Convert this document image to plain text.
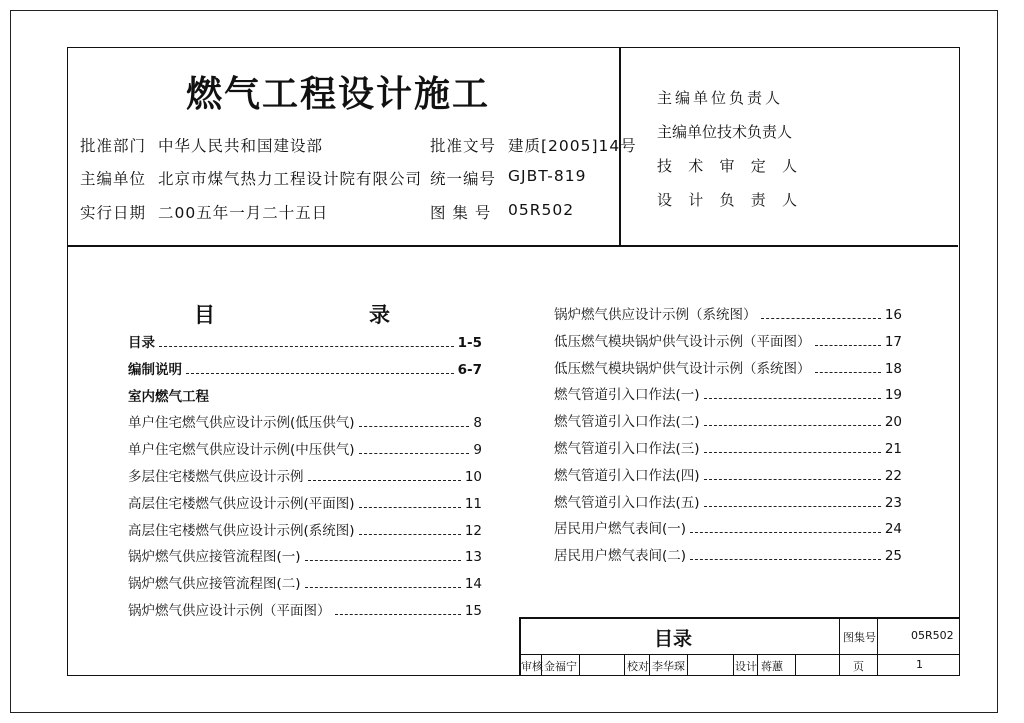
燃气工程设计施工
批准部门 中华人民共和国建设部
主编单位 北京市煤气热力工程设计院有限公司
实行日期 二00五年一月二十五日
批准文号 建质[2005]14号
统一编号 GJBT-819
图 集 号 05R502
主编单位负责人
主编单位技术负责人
技 术 审 定 人
设 计 负 责 人
目	录
目录	1-5
编制说明	6-7
室内燃气工程
单户住宅燃气供应设计示例(低压供气)	8
单户住宅燃气供应设计示例(中压供气)	9
多层住宅楼燃气供应设计示例	10
高层住宅楼燃气供应设计示例(平面图)	11
高层住宅楼燃气供应设计示例(系统图)	12
锅炉燃气供应接管流程图(一)	13
锅炉燃气供应接管流程图(二)	14
锅炉燃气供应设计示例（平面图）	15
锅炉燃气供应设计示例（系统图）	16
低压燃气模块锅炉供气设计示例（平面图）	17
低压燃气模块锅炉供气设计示例（系统图）	18
燃气管道引入口作法(一)	19
燃气管道引入口作法(二)	20
燃气管道引入口作法(三)	21
燃气管道引入口作法(四)	22
燃气管道引入口作法(五)	23
居民用户燃气表间(一)	24
居民用户燃气表间(二)	25
目录	图集号	05R502
审核 金福宁	校对 李华琛	设计 蒋蕙	页	1
